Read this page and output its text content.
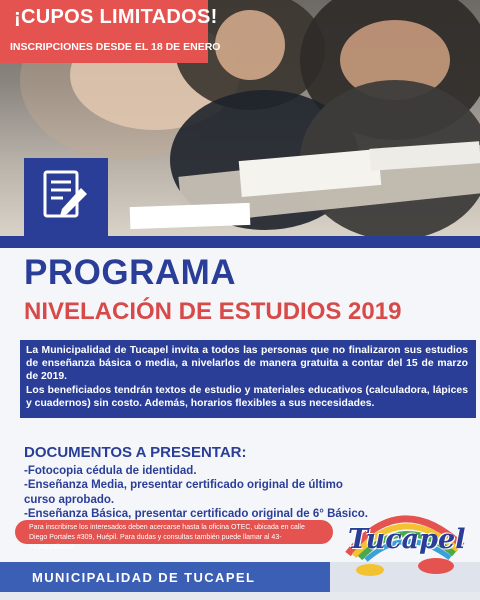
¡CUPOS LIMITADOS!
INSCRIPCIONES DESDE EL 18 DE ENERO
PROGRAMA
NIVELACIÓN DE ESTUDIOS 2019

La Municipalidad de Tucapel invita a todos las personas que no finalizaron sus estudios de enseñanza básica o media, a nivelarlos de manera gratuita a contar del 15 de marzo de 2019.

Los beneficiados tendrán textos de estudio y materiales educativos (calculadora, lápices y cuadernos) sin costo. Además, horarios flexibles a sus necesidades.

DOCUMENTOS A PRESENTAR:
-Fotocopia cédula de identidad.
-Enseñanza Media, presentar certificado original de último
curso aprobado.
-Enseñanza Básica, presentar certificado original de 6° Básico.
Para inscribirse los interesados deben acercarse hasta la oficina OTEC, ubicada en calle Diego Portales #309, Huépil. Para dudas y consultas también puede llamar al 43-2404038/4037.
MUNICIPALIDAD DE TUCAPEL
Tucapel
